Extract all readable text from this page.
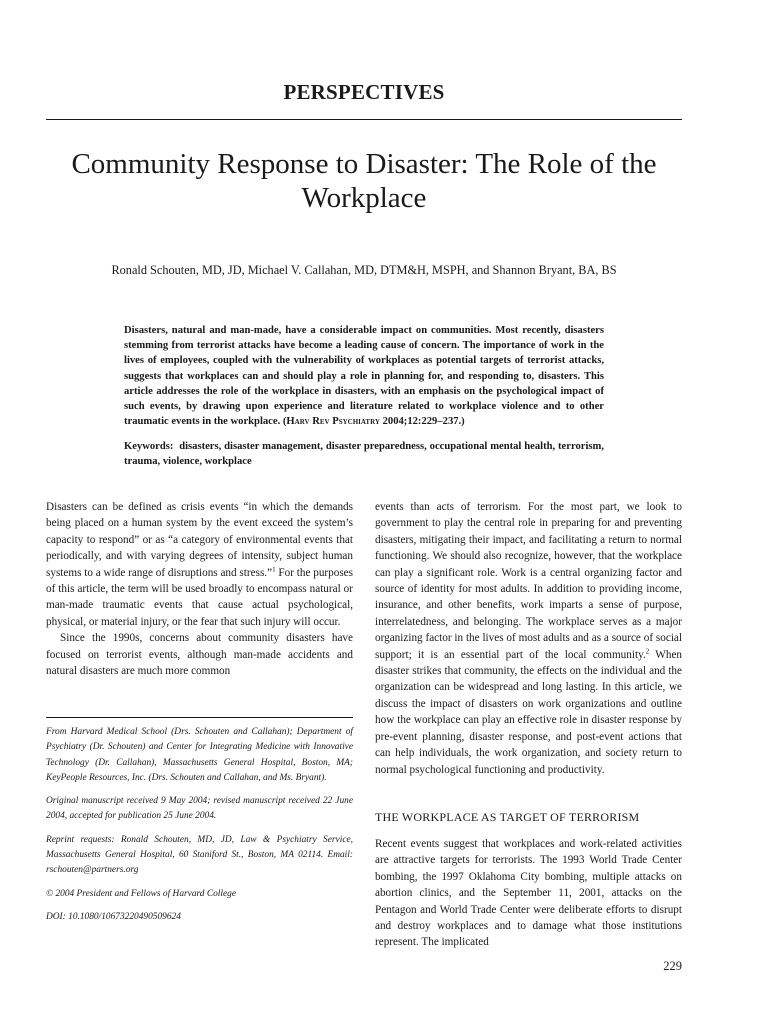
PERSPECTIVES
Community Response to Disaster: The Role of the Workplace
Ronald Schouten, MD, JD, Michael V. Callahan, MD, DTM&H, MSPH, and Shannon Bryant, BA, BS
Disasters, natural and man-made, have a considerable impact on communities. Most recently, disasters stemming from terrorist attacks have become a leading cause of concern. The importance of work in the lives of employees, coupled with the vulnerability of workplaces as potential targets of terrorist attacks, suggests that workplaces can and should play a role in planning for, and responding to, disasters. This article addresses the role of the workplace in disasters, with an emphasis on the psychological impact of such events, by drawing upon experience and literature related to workplace violence and to other traumatic events in the workplace. (Harv Rev Psychiatry 2004;12:229–237.)
Keywords: disasters, disaster management, disaster preparedness, occupational mental health, terrorism, trauma, violence, workplace

Disasters can be defined as crisis events “in which the demands being placed on a human system by the event exceed the system’s capacity to respond” or as “a category of environmental events that periodically, and with varying degrees of intensity, subject human systems to a wide range of disruptions and stress.”$^1$ For the purposes of this article, the term will be used broadly to encompass natural or man-made traumatic events that cause actual psychological, physical, or material injury, or the fear that such injury will occur.

Since the 1990s, concerns about community disasters have focused on terrorist events, although man-made accidents and natural disasters are much more common

From Harvard Medical School (Drs. Schouten and Callahan); Department of Psychiatry (Dr. Schouten) and Center for Integrating Medicine with Innovative Technology (Dr. Callahan), Massachusetts General Hospital, Boston, MA; KeyPeople Resources, Inc. (Drs. Schouten and Callahan, and Ms. Bryant).

Original manuscript received 9 May 2004; revised manuscript received 22 June 2004, accepted for publication 25 June 2004.

Reprint requests: Ronald Schouten, MD, JD, Law & Psychiatry Service, Massachusetts General Hospital, 60 Staniford St., Boston, MA 02114. Email: rschouten@partners.org

© 2004 President and Fellows of Harvard College

DOI: 10.1080/10673220490509624

events than acts of terrorism. For the most part, we look to government to play the central role in preparing for and preventing disasters, mitigating their impact, and facilitating a return to normal functioning. We should also recognize, however, that the workplace can play a significant role. Work is a central organizing factor and source of identity for most adults. In addition to providing income, insurance, and other benefits, work imparts a sense of purpose, interrelatedness, and belonging. The workplace serves as a major organizing factor in the lives of most adults and as a source of social support; it is an essential part of the local community.$^2$ When disaster strikes that community, the effects on the individual and the organization can be widespread and long lasting. In this article, we discuss the impact of disasters on work organizations and outline how the workplace can play an effective role in disaster response by pre-event planning, disaster response, and post-event actions that can help individuals, the work organization, and society return to normal psychological functioning and productivity.

THE WORKPLACE AS TARGET OF TERRORISM

Recent events suggest that workplaces and work-related activities are attractive targets for terrorists. The 1993 World Trade Center bombing, the 1997 Oklahoma City bombing, multiple attacks on abortion clinics, and the September 11, 2001, attacks on the Pentagon and World Trade Center were deliberate efforts to disrupt and destroy workplaces and to damage what those institutions represent. The implicated

229
